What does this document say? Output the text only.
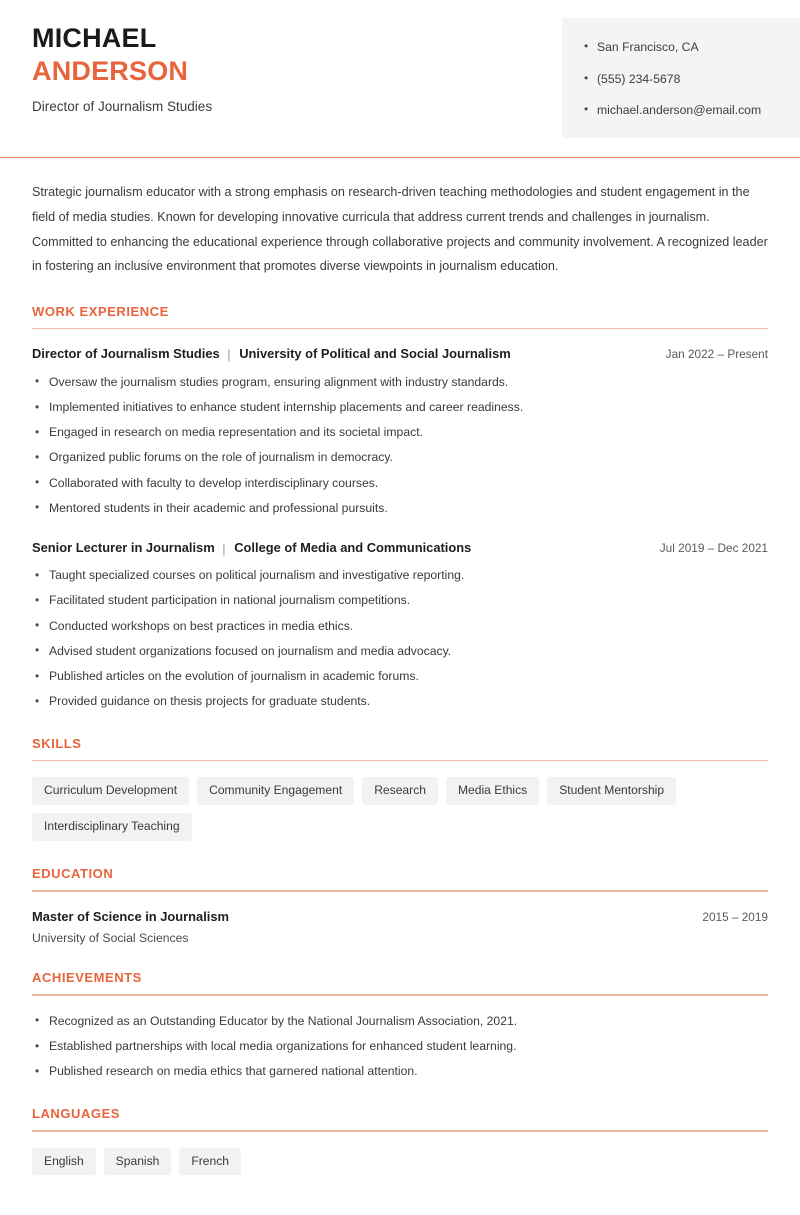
MICHAEL
ANDERSON
Director of Journalism Studies
• San Francisco, CA
• (555) 234-5678
• michael.anderson@email.com

Strategic journalism educator with a strong emphasis on research-driven teaching methodologies and student engagement in the field of media studies. Known for developing innovative curricula that address current trends and challenges in journalism. Committed to enhancing the educational experience through collaborative projects and community involvement. A recognized leader in fostering an inclusive environment that promotes diverse viewpoints in journalism education.

WORK EXPERIENCE
Director of Journalism Studies | University of Political and Social Journalism	Jan 2022 – Present
• Oversaw the journalism studies program, ensuring alignment with industry standards.
• Implemented initiatives to enhance student internship placements and career readiness.
• Engaged in research on media representation and its societal impact.
• Organized public forums on the role of journalism in democracy.
• Collaborated with faculty to develop interdisciplinary courses.
• Mentored students in their academic and professional pursuits.
Senior Lecturer in Journalism | College of Media and Communications	Jul 2019 – Dec 2021
• Taught specialized courses on political journalism and investigative reporting.
• Facilitated student participation in national journalism competitions.
• Conducted workshops on best practices in media ethics.
• Advised student organizations focused on journalism and media advocacy.
• Published articles on the evolution of journalism in academic forums.
• Provided guidance on thesis projects for graduate students.
SKILLS
Curriculum Development	Community Engagement	Research	Media Ethics	Student Mentorship
Interdisciplinary Teaching
EDUCATION
Master of Science in Journalism	2015 – 2019
University of Social Sciences
ACHIEVEMENTS
• Recognized as an Outstanding Educator by the National Journalism Association, 2021.
• Established partnerships with local media organizations for enhanced student learning.
• Published research on media ethics that garnered national attention.
LANGUAGES
English	Spanish	French
